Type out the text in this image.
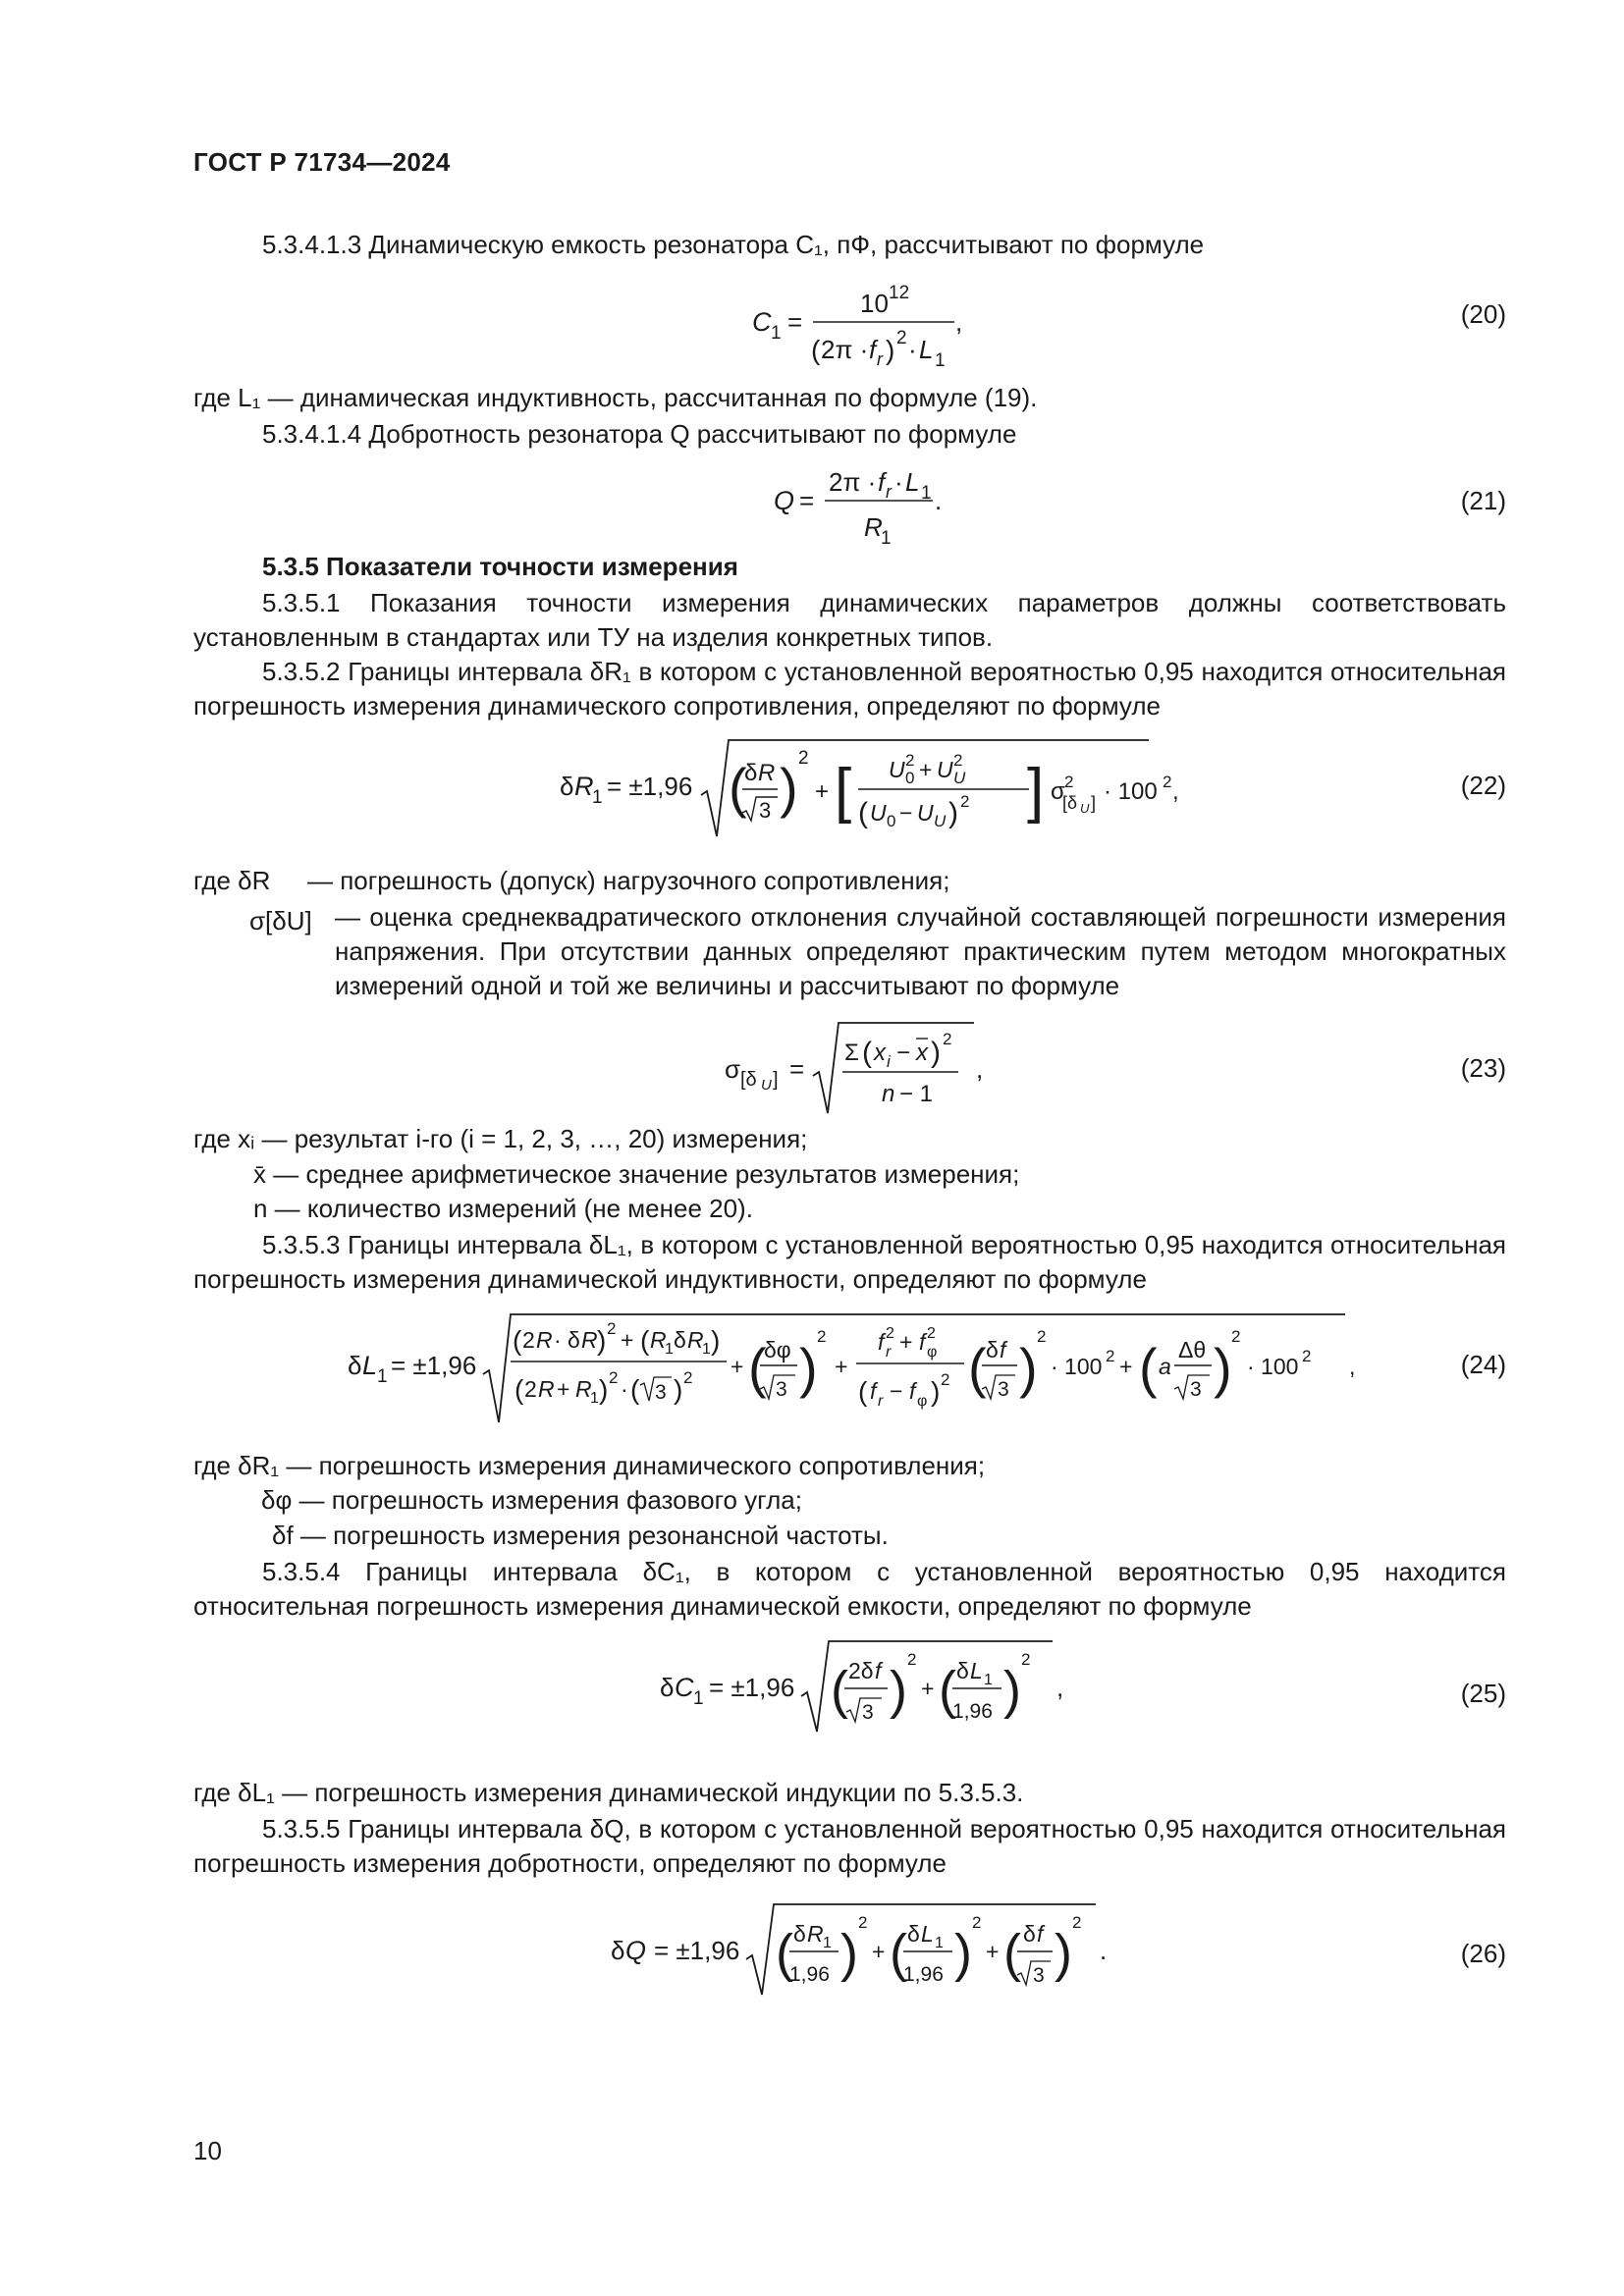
ГОСТ Р 71734—2024

5.3.4.1.3 Динамическую емкость резонатора C₁, пФ, рассчитывают по формуле

C 1 =
10 12
( 2π · f r ) 2 · L 1
,	(20)

где L₁ — динамическая индуктивность, рассчитанная по формуле (19).

5.3.4.1.4 Добротность резонатора Q рассчитывают по формуле

Q =
2π · f r · L 1
R
1
.	(21)

5.3.5 Показатели точности измерения

5.3.5.1 Показания точности измерения динамических параметров должны соответствовать установленным в стандартах или ТУ на изделия конкретных типов.

5.3.5.2 Границы интервала δR₁ в котором с установленной вероятностью 0,95 находится относительная погрешность измерения динамического сопротивления, определяют по формуле

δ R
1 = ±1,96 (
δ R
3 ) 2
+ [ U 0
2 + U U
2
( U 0 − U U ) 2 ] σ 2
[δ U ] · 100 2 ,	(22)
где δR — погрешность (допуск) нагрузочного сопротивления;
σ[δU] — оценка среднеквадратического отклонения случайной составляющей погрешности измерения напряжения. При отсутствии данных определяют практическим путем методом многократных измерений одной и той же величины и рассчитывают по формуле
σ [δ U ] =
Σ ( x i − x ) 2
n − 1
,	(23)
где xᵢ — результат i-го (i = 1, 2, 3, …, 20) измерения;
x̄ — среднее арифметическое значение результатов измерения;
n — количество измерений (не менее 20).

5.3.5.3 Границы интервала δL₁, в котором с установленной вероятностью 0,95 находится относительная погрешность измерения динамической индуктивности, определяют по формуле

δ L 1 = ±1,96
( 2 R · δ R ) 2 + ( R
1 δ R
1 )
( 2 R + R
1 ) 2 · ( 3 ) 2 + (
δφ
3 )
2
+
f r
2 + f φ
2
( f r − f φ ) 2 ( δ f
3 )
2
· 100 2 + ( a
Δθ
3 )
2
· 100 2 ,	(24)
где δR₁ — погрешность измерения динамического сопротивления;
δφ — погрешность измерения фазового угла;
δf — погрешность измерения резонансной частоты.

5.3.5.4 Границы интервала δC₁, в котором с установленной вероятностью 0,95 находится относительная погрешность измерения динамической емкости, определяют по формуле

δ C 1 = ±1,96 ( 2δ f
3 )
2
+ ( δ L 1
1,96 )
2
,	(25)
где δL₁ — погрешность измерения динамической индукции по 5.3.5.3.

5.3.5.5 Границы интервала δQ, в котором с установленной вероятностью 0,95 находится относительная погрешность измерения добротности, определяют по формуле

δ Q = ±1,96 ( δ R 1
1,96 )
2
+ ( δ L 1
1,96 )
2
+ ( δ f
3 )
2
.	(26)
10
